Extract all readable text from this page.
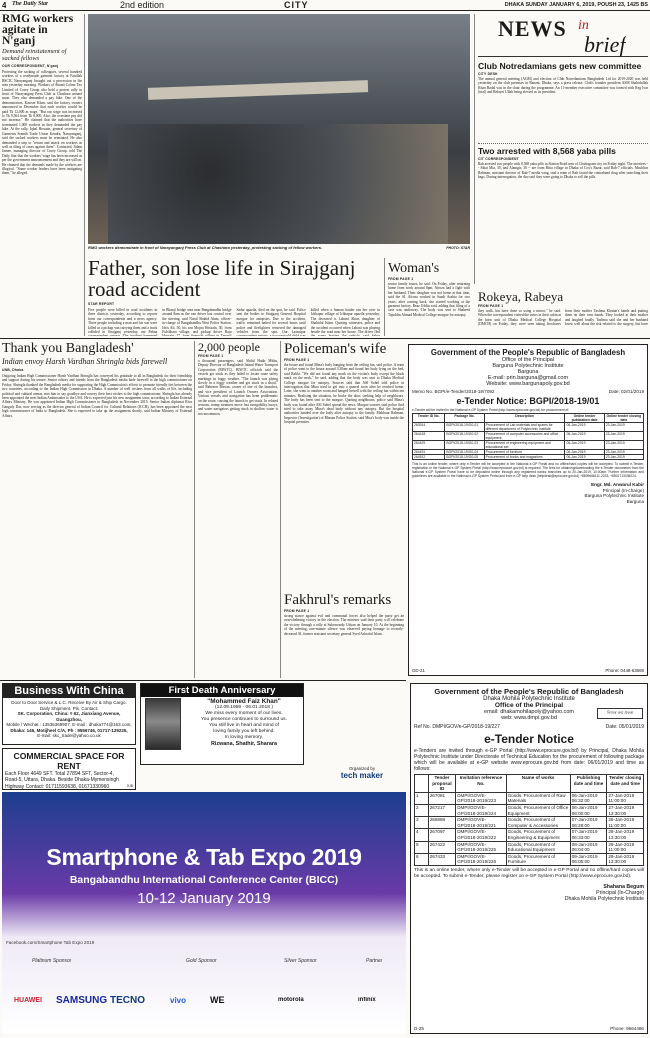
4 The Daily Star	2nd edition	CITY	DHAKA SUNDAY JANUARY 6, 2019, POUSH 23, 1425 BS
RMG workers agitate in N'ganj
Demand reinstatement of sacked fellows
OUR CORRESPONDENT, N'ganj
Protesting the sacking of colleagues, several hundred workers of a readymade garment factory at Fatullah BSCIC Narayanganj brought out a procession in the area yesterday morning. Workers of Abanti Colour Tex Limited of Corey Group also held a protest rally in front of Narayanganj Press Club at Chashara around noon. They also demanded a pay hike. One of the demonstrators, Kawser Khan, said the factory owners announced in December that each worker would be paid Tk 12,000 as wage. "But our wage was increased to Tk 9,564 from Tk 8,000. Also, the overtime pay did not increase." He claimed that the authorities have terminated 1,000 workers as they demanded the pay hike. At the rally, Iqbal Hossain, general secretary of Garments Sramik Trade Union Kendra, Narayanganj, said the sacked workers must be reinstated. He also demanded a step to "return and attack on workers as well as filing of cases against them". Contacted, Jidam Jamee, managing director of Corey Group, told The Daily Star that the workers' wage has been increased as per the government announcement and they are still on. He claimed that the demands made by the workers are illogical. "Some worker leaders have been instigating them," he alleged.
RMG workers demonstrate in front of Narayanganj Press Club at Chashara yesterday, protesting sacking of fellow workers.	PHOTO: STAR
NEWS in
brief
Club Notredamians gets new committee
CITY DESK
The annual general meeting (AGM) and election of Club Notredamians Bangladesh Ltd for 2019-2020 was held yesterday on the club premises in Banani, Dhaka, says a press release. Club's founder president ASM Shahidullah Khan Badal was in the chair during the programme. An 11-member executive committee was formed with Reg Ivar (trial) and Belayet Ullah being elected as its president.
Two arrested with 8,568 yaba pills
CIT CORRESPONDENT
Rab arrested two people with 8,568 yaba pills in Station Road area of Chattogram city on Friday night. The arrestees -- Sihat Mia, 30, and Alamgir, 30 -- are from Bitia village in Dhaka of Cox's Bazar, said Rab-7 officials. Mashfiur Rahman, assistant director of Rab-7 media wing, said a team of Rab found the contraband drug after searching their bags. During interrogation, the duo said they were going to Dhaka to sell the pills.
Father, son lose life in Sirajganj road accident
STAR REPORT
Five people were killed in road accidents in three districts yesterday, according to reports from our correspondents and a news agency. Three people including a man and his son were killed as a pickup van carrying them and a truck collided in Sirajganj yesterday, our Pabna in Bhanji bridge area near Bangabandhu bridge around 8am as the van driver lost control over the steering, said Nurul Shahid Alam, officer-in-charge of Bangabandhu West Police Station. Idris Ali, 50, his son Mojnu Hossain, 30, from Fulchhara village, and pickup driver Raju Sadar upazila, died on the spot, he said. Police sent the bodies to Sirajganj General Hospital morgue for autopsies. Due to the accident, traffic remained halted for several hours until police and firefighters removed the damaged vehicles from the spot. Our Laxmipur killed when a human hauler ran her over in Ichhapur village of Ichhapur upazila yesterday. The deceased is Labani Aktar, daughter of Shahidul Islam. Quoting witnesses, police and the accident occurred when Labani was playing beside the road near her house. The driver fled
Woman's
FROM PAGE 1
senior family issues, he said. On Friday, after returning home from work around 8pm, Afroza had a fight with her husband. Their daughter was not home at that time, said the SI. Afroza worked in Saudi Arabia for two years; after coming back, she started working at the garment factory. Reaz Uddin said, adding that filing of a case was underway. The body was sent to Shaheed Tajuddin Ahmad Medical College morgue for autopsy.
Rokeya, Rabeya
FROM PAGE 1
they walk, but have done so using a mirror," he said. When the correspondent visited the twins in their cabin at the burn unit of Dhaka Medical College Hospital (DMCH) on Friday, they were seen taking brochures from their mother Taslima Khatun's hands and putting them on their own hands. They looked at their mother and laughed loudly. Taslima said she and her husband know well about the risk related to the surgery, but have
Thank you Bangladesh'
Indian envoy Harsh Vardhan Shringla bids farewell
UNB, Dhaka
Outgoing Indian High Commissioner Harsh Vardhan Shringla has conveyed his gratitude to all in Bangladesh for their friendship and support during his tenure. Senior editors and friends from the Bangladesh media bade farewell to the high commissioner on Friday. Shringla thanked the Bangladesh media for supporting the High Commission's efforts to promote friendly ties between the two countries, according to the Indian High Commission in Dhaka. A number of well wishers from all walks of life, including political and cultural arenas, met him to say goodbye and convey their best wishes to the high commissioner. Shringla has already been appointed the next Indian Ambassador to the USA. He is expected join his new assignment soon, according to Indian External Affairs Ministry. He was appointed Indian High Commissioner to Bangladesh in November 2015. Senior Indian diplomat Riva Ganguly Das, now serving as the director general of Indian Council for Cultural Relations (ICCR), has been appointed the next high commissioner of India to Bangladesh. She is expected to take up the assignment shortly, said Indian Ministry of External Affairs.
2,000 people
FROM PAGE 1
a thousand passengers, said Abdul Hadir Mithu, Deputy Director of Bangladesh Inland Water Transport Corporation (BIWTC). BIWTC officials said the vessels got stuck as they failed to locate route safety markings in foggy weather. "The launch was plying slowly in a foggy weather and got stuck in a shoal," said Rabeeon Biswas, owner of one of the launches, and vice president of Launch Owners Association. Various vessels and navigation has been problematic on the route, causing the launch to get stuck. In related seasons, tramp steamers move fast navigability buoys, and water navigators getting stuck in shallow water is not uncommon.
Policeman's wife
FROM PAGE 1
the house and found Mina's body hanging from the ceiling fan, said police. A team of police went to the house around 3.30am and found her body lying on the bed, said Rabbi. "We did not found any mark on the victim's body except the black mark on the neck," he said, adding that the body was sent to Dhaka Medical College morgue for autopsy. Sources said that ASI Sohel told police in interrogation that Mina tried to get into a quarrel soon after he reached home. Later, she went to another room and hanged herself with the ceiling fan within ten minutes. Realising the situation, he broke the door, seeking help of neighbours. The body has been sent to the morgue. Quoting neighbours, police said Mina's body was found after ASI Sohel spread the news. Morgue sources said police find tried to take away Mina's dead body without any autopsy. But the hospital authorities handed over the body after autopsy to the family. Mahbuur Rahman, Inspector (Investigation) of Bhasan Police Station, said Mira's body was inside the hospital premises.
Fakhrul's remarks
FROM PAGE 1
strong stance against evil and communal forces also helped the party get an overwhelming victory in the election. The minister said their party will celebrate the victory through a rally at Suhrawardy Udyan on January 10. At the beginning of the meeting, one-minute silence was observed paying homage to recently-deceased AL former assistant secretary general Syed Ashraful Islam.
Government of the People's Republic of Bangladesh
Office of the Principal
Barguna Polytechnic Institute
Barguna
E-mail: prin.barguna@gmail.com
Website: www.bargunapoly.gov.bd
Memo No. BGPI/e-Tender/2018-19/7092	Date: 02/01/2019
e-Tender Notice: BGPI/2018-19/01
e-Tender will be invited in the National e-GP System Portal (http://www.eprocure.gov.bd) for procurement of:
Tender ID No.	Package No.	Description	Online tender publication date	Online tender closing date
263914	BGPI/2018-19/G0-01	Procurement of Lab materials and spares for different department of Polytechnic Institute	06-Jan-2019	23-Jan-2019
264418	BGPI/2018-19/G0-02	Procurement of computer accessories and office equipment	06-Jan-2019	23-Jan-2019
264429	BGPI/2018-19/G0-03	Procurement of engineering equipment and educational set	06-Jan-2019	23-Jan-2019
264431	BGPI/2018-19/G0-04	Procurement of furniture	06-Jan-2019	23-Jan-2019
264512	BGPI/2018-19/G0-05	Procurement of books and magazines	06-Jan-2019	23-Jan-2019
This is an online tender, where only e-Tender will be accepted in the National e-GP Portal and no offline/hard copies will be accepted. To submit e-Tender, registration in the National e-GP System Portal (http://www.eprocure.gov.bd) is required. The fees for obtaining/downloading the e-Tender documents from the National e-GP System Portal have to be deposited online through any registered banks branches up to 20-Jan-2019, 10:00am. Further information and guidelines are available in the National e-GP System Portal and from e-GP help desk (helpdesk@eprocure.gov.bd) +8809666111-2233, +8801713035224.
Engr. Md. Anwarul Kabir
Principal (In-charge)
Barguna Polytechnic Institute
Barguna
GD-21	Phone: 0448-63669
Business With China
Door to Door Service & L.C. Receive By Air & Ship Cargo.
Daily Shipment. Pls. Contact:
SK. Corporation, China: # 62, Jianxiang Avenue, Guangzhou,
Mobile / Wechat : 13535369907, E-mail : dhaka774@163.com,
Dhaka: 146, Motijheel C/A, Ph : 9556746, 01717-129225,
E-mail: skc_trade@yahoo.co.uk
COMMERCIAL SPACE FOR RENT
Each Floor 4649 SFT. Total 27894 SFT, Sector-4,
Road-5, Uttara, Dhaka. Beside Dhaka-Mymensingh
Highway Contact: 01711593638, 01671330960	DJB
First Death Anniversary
"Mohammed Faiz Khan"
(12.09.1959 - 06.01.2018 )
We miss every moment of our lives.
You presence continues to surround us.
You still live in heart and mind of
loving family you left behind.
In loving memory,
Rizwana, Shathir, Sharara
Organized by
tech maker
Smartphone & Tab Expo 2019
Bangabandhu International Conference Center (BICC)
10-12 January 2019
Facebook.com/Smartphone Tab Expo 2019
Platinum Sponsor	Gold Sponsor	Silver Sponsor	Partner
HUAWEI SAMSUNG TECNO	vivo	WE	motorola	infinix
Government of the People's Republic of Bangladesh
Dhaka Mohila Polytechnic Institute
Office of the Principal
email: dhakamohilapoly@yahoo.com
web: www.dmpi.gov.bd
নিজস্ব ক্রয় প্রকল্প
Ref No. DMPI/GOV/e-GP/2018-19/227	Date: 05/01/2019
e-Tender Notice
e-Tenders are invited through e-GP Portal (http://www.eprocure.gov.bd) by Principal, Dhaka Mohila Polytechnic Institute under Directorate of Technical Education for the procurement of following package which will be available at e-GP website www.eprocure.gov.bd from date: 06/01/2019 and time as follows:
	Tender proposal ID	Invitation reference No.	Name of works	Publishing date and time	Tender closing date and time
1	267081	DMPI/GOV/E-GP/2018-2019/223	Goods, Procurement of Raw Materials	06-Jan-2019 06:32:00	27-Jan-2019 11:00:00
2	267217	DMPI/GOV/E-GP/2018-2019/224	Goods, Procurement of Office Equipment	06-Jan-2019 06:00:00	27-Jan-2019 13:30:00
3	265888	DMPI/GOV/E-GP/2018-2019/221	Goods, Procurement of Computer & Accessories	07-Jan-2019 06:28:00	28-Jan-2019 11:00:00
4	267097	DMPI/GOV/E-GP/2018-2019/222	Goods, Procurement of Engineering & Equipment	07-Jan-2019 06:33:00	28-Jan-2019 13:30:00
5	267422	DMPI/GOV/E-GP/2018-2019/225	Goods, Procurement of Educational Equipment	08-Jan-2019 06:04:00	29-Jan-2019 11:00:00
6	267433	DMPI/GOV/E-GP/2018-2019/226	Goods, Procurement of Furniture	09-Jan-2019 06:05:00	29-Jan-2019 13:30:00
This is an online tender, where only e-Tender will be accepted in e-GP Portal and no offline/hard copies will be accepted. To submit e-Tender, please register on e-GP System Portal (http://www.eprocure.gov.bd).
Shahana Begum
Principal (In-Charge)
Dhaka Mohila Polytechnic Institute
D-25	Phone: 9664486
